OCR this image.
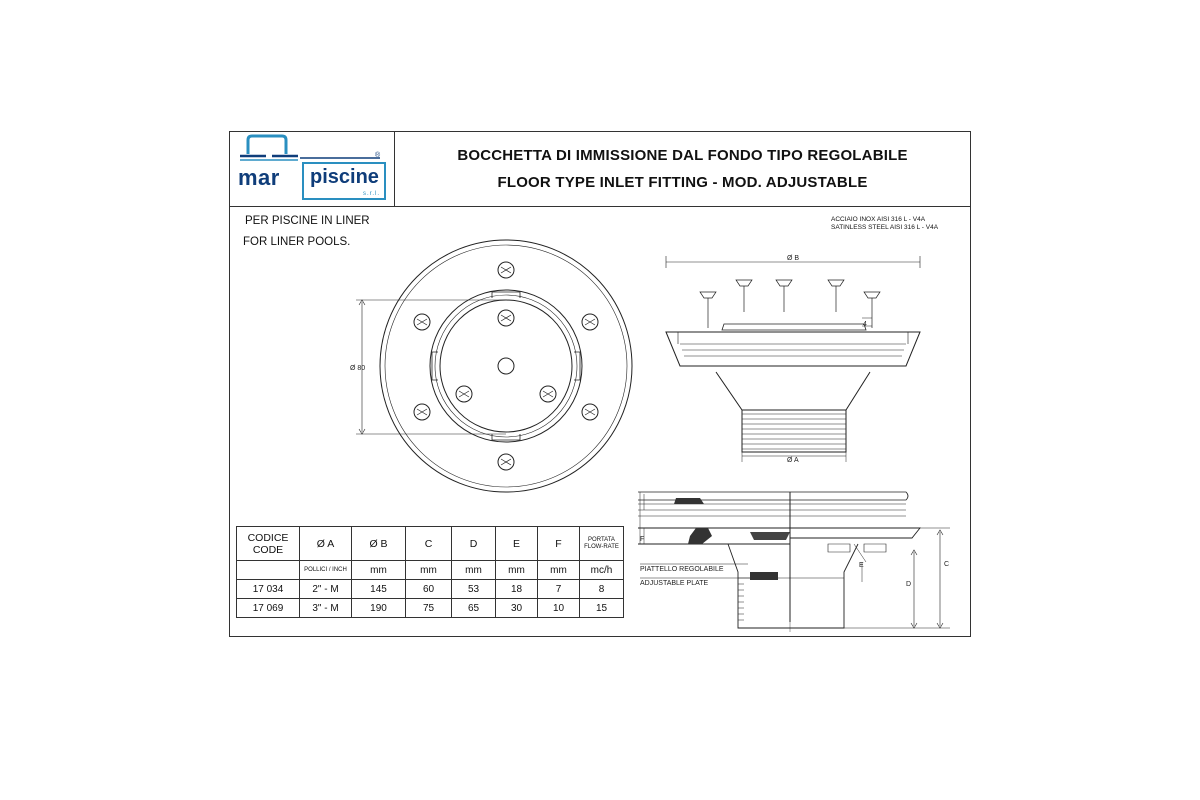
mar piscine
s.r.l.
®	BOCCHETTA DI IMMISSIONE DAL FONDO TIPO REGOLABILE
FLOOR TYPE INLET FITTING - MOD. ADJUSTABLE
PER PISCINE IN LINER
FOR LINER POOLS.
ACCIAIO INOX AISI 316 L - V4A
SATINLESS STEEL AISI 316 L - V4A
Ø 80
Ø B
Ø A
4
C
D
E
F
PIATTELLO REGOLABILE
ADJUSTABLE PLATE
CODICE
CODE	Ø A	Ø B	C	D	E	F	PORTATA
FLOW-RATE

	POLLICI / INCH	mm	mm	mm	mm	mm	mc/h
17 034	2" - M	145	60	53	18	7	8
17 069	3" - M	190	75	65	30	10	15
